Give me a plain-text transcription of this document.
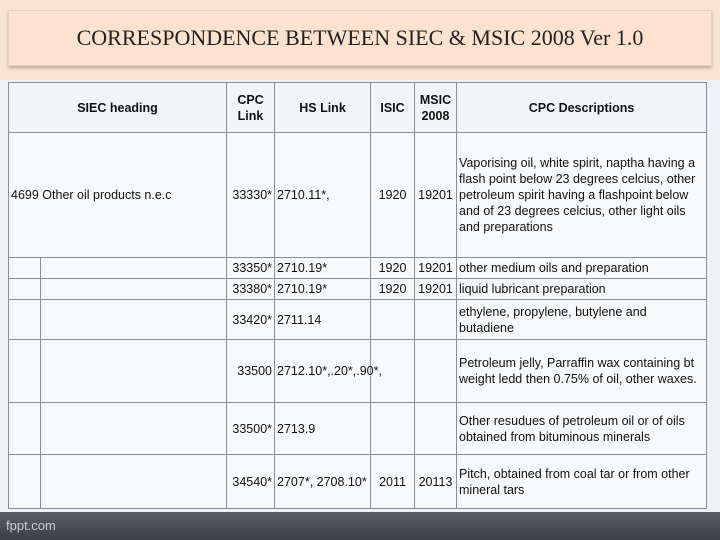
CORRESPONDENCE BETWEEN SIEC & MSIC 2008 Ver 1.0
SIEC heading		CPC Link	HS Link	ISIC	MSIC 2008	CPC Descriptions
4699 Other oil products n.e.c		33330*	2710.11*,	1920	19201	Vaporising oil, white spirit, naptha having a flash point below 23 degrees celcius, other petroleum spirit having a flashpoint below and of 23 degrees celcius, other light oils and preparations
		33350*	2710.19*	1920	19201	other medium oils and preparation
		33380*	2710.19*	1920	19201	liquid lubricant preparation
		33420*	2711.14			ethylene, propylene, butylene and butadiene
		33500	2712.10*,.20*,.90*,			Petroleum jelly, Parraffin wax containing bt weight ledd then 0.75% of oil, other waxes.
		33500*	2713.9			Other resudues of petroleum oil or of oils obtained from bituminous minerals
		34540*	2707*, 2708.10*	2011	20113	Pitch, obtained from coal tar or from other mineral tars
fppt.com
